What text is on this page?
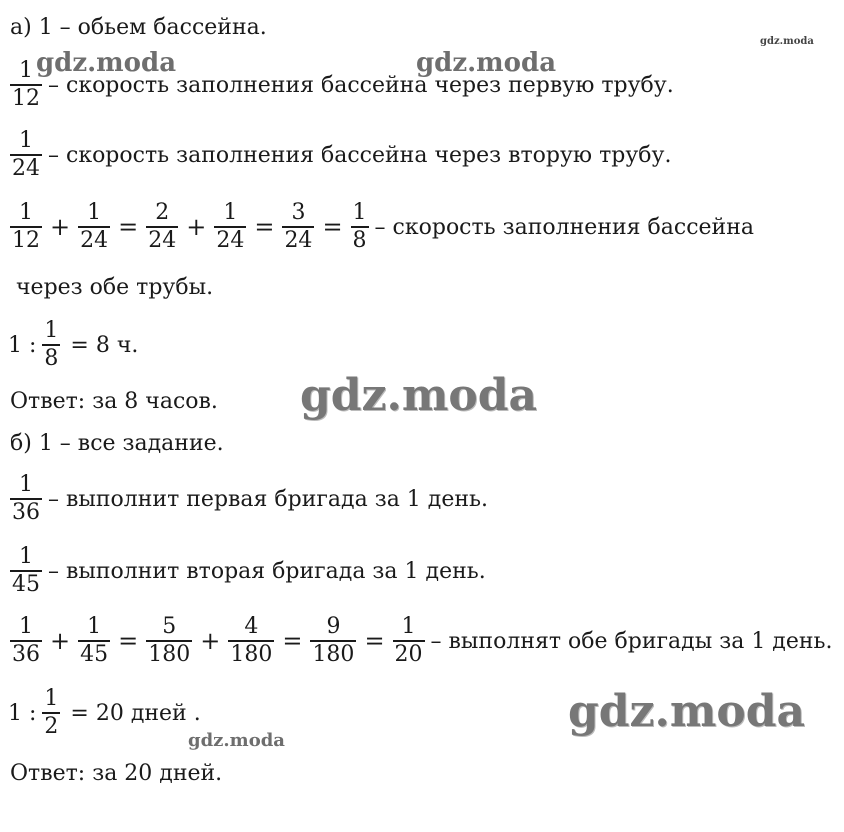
а) 1 – обьем бассейна.
$\frac{1}{12}$ – скорость заполнения бассейна через первую трубу.
$\frac{1}{24}$ – скорость заполнения бассейна через вторую трубу.
$\frac{1}{12} + \frac{1}{24} = \frac{2}{24} + \frac{1}{24} = \frac{3}{24} = \frac{1}{8}$ – скорость заполнения бассейна
через обе трубы.
1 : $\frac{1}{8} = 8$ ч.
Ответ: за 8 часов.
б) 1 – все задание.
$\frac{1}{36}$ – выполнит первая бригада за 1 день.
$\frac{1}{45}$ – выполнит вторая бригада за 1 день.
$\frac{1}{36} + \frac{1}{45} = \frac{5}{180} + \frac{4}{180} = \frac{9}{180} = \frac{1}{20}$ – выполнят обе бригады за 1 день.
1 : $\frac{1}{2} = 20$ дней .
Ответ: за 20 дней.
gdz.moda	gdz.moda
gdz.moda
gdz.moda
gdz.moda
gdz.moda
